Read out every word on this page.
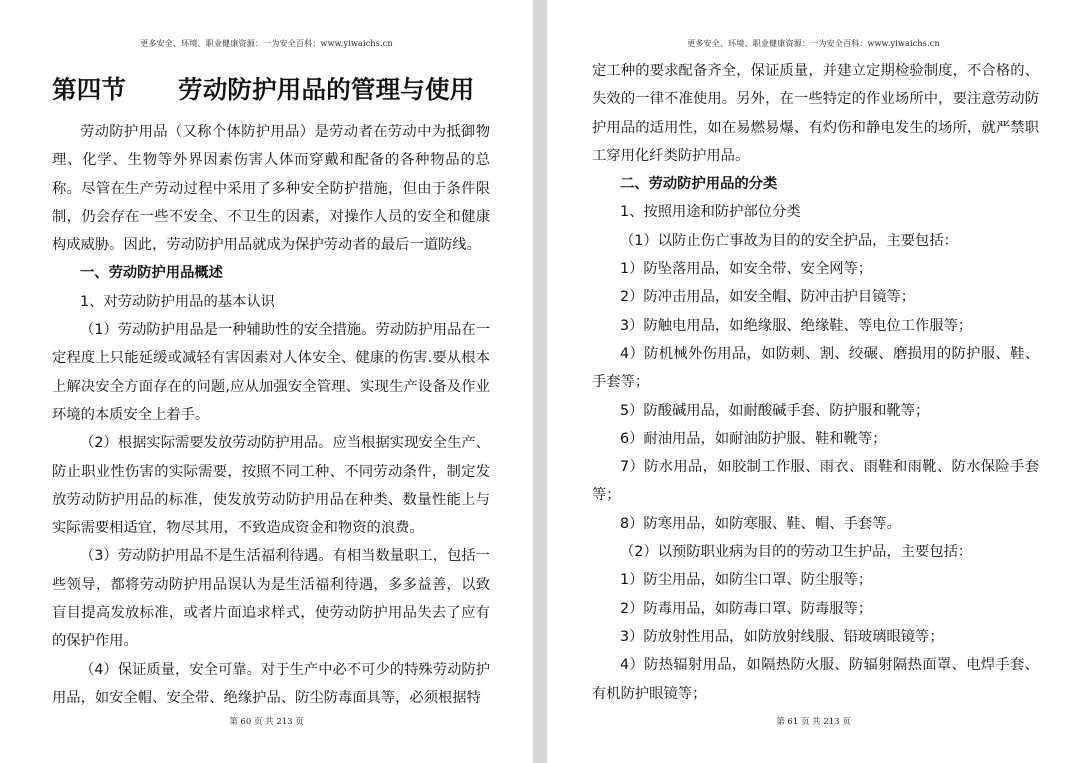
更多安全、环境、职业健康资源：一为安全百科：www.yiwaichs.cn
第四节	劳动防护用品的管理与使用

劳动防护用品（又称个体防护用品）是劳动者在劳动中为抵御物理、化学、生物等外界因素伤害人体而穿戴和配备的各种物品的总称。尽管在生产劳动过程中采用了多种安全防护措施，但由于条件限制，仍会存在一些不安全、不卫生的因素，对操作人员的安全和健康构成威胁。因此，劳动防护用品就成为保护劳动者的最后一道防线。

一、劳动防护用品概述

1、对劳动防护用品的基本认识

（1）劳动防护用品是一种辅助性的安全措施。劳动防护用品在一定程度上只能延缓或减轻有害因素对人体安全、健康的伤害.要从根本上解决安全方面存在的问题,应从加强安全管理、实现生产设备及作业环境的本质安全上着手。

（2）根据实际需要发放劳动防护用品。应当根据实现安全生产、防止职业性伤害的实际需要，按照不同工种、不同劳动条件，制定发放劳动防护用品的标准，使发放劳动防护用品在种类、数量性能上与实际需要相适宜，物尽其用，不致造成资金和物资的浪费。

（3）劳动防护用品不是生活福利待遇。有相当数量职工，包括一些领导，都将劳动防护用品误认为是生活福利待遇，多多益善，以致盲目提高发放标准，或者片面追求样式，使劳动防护用品失去了应有的保护作用。

（4）保证质量，安全可靠。对于生产中必不可少的特殊劳动防护用品，如安全帽、安全带、绝缘护品、防尘防毒面具等，必须根据特

第 60 页 共 213 页
更多安全、环境、职业健康资源：一为安全百科：www.yiwaichs.cn

定工种的要求配备齐全，保证质量，并建立定期检验制度，不合格的、失效的一律不准使用。另外，在一些特定的作业场所中，要注意劳动防护用品的适用性，如在易燃易爆、有灼伤和静电发生的场所，就严禁职工穿用化纤类防护用品。

二、劳动防护用品的分类

1、按照用途和防护部位分类

（1）以防止伤亡事故为目的的安全护品，主要包括：

1）防坠落用品，如安全带、安全网等；

2）防冲击用品，如安全帽、防冲击护目镜等；

3）防触电用品，如绝缘服、绝缘鞋、等电位工作服等；

4）防机械外伤用品，如防刺、割、绞碾、磨损用的防护服、鞋、手套等；

5）防酸碱用品，如耐酸碱手套、防护服和靴等；

6）耐油用品，如耐油防护服、鞋和靴等；

7）防水用品，如胶制工作服、雨衣、雨鞋和雨靴、防水保险手套等；

8）防寒用品，如防寒服、鞋、帽、手套等。

（2）以预防职业病为目的的劳动卫生护品，主要包括：

1）防尘用品，如防尘口罩、防尘服等；

2）防毒用品，如防毒口罩、防毒服等；

3）防放射性用品，如防放射线服、铅玻璃眼镜等；

4）防热辐射用品，如隔热防火服、防辐射隔热面罩、电焊手套、有机防护眼镜等；

第 61 页 共 213 页
